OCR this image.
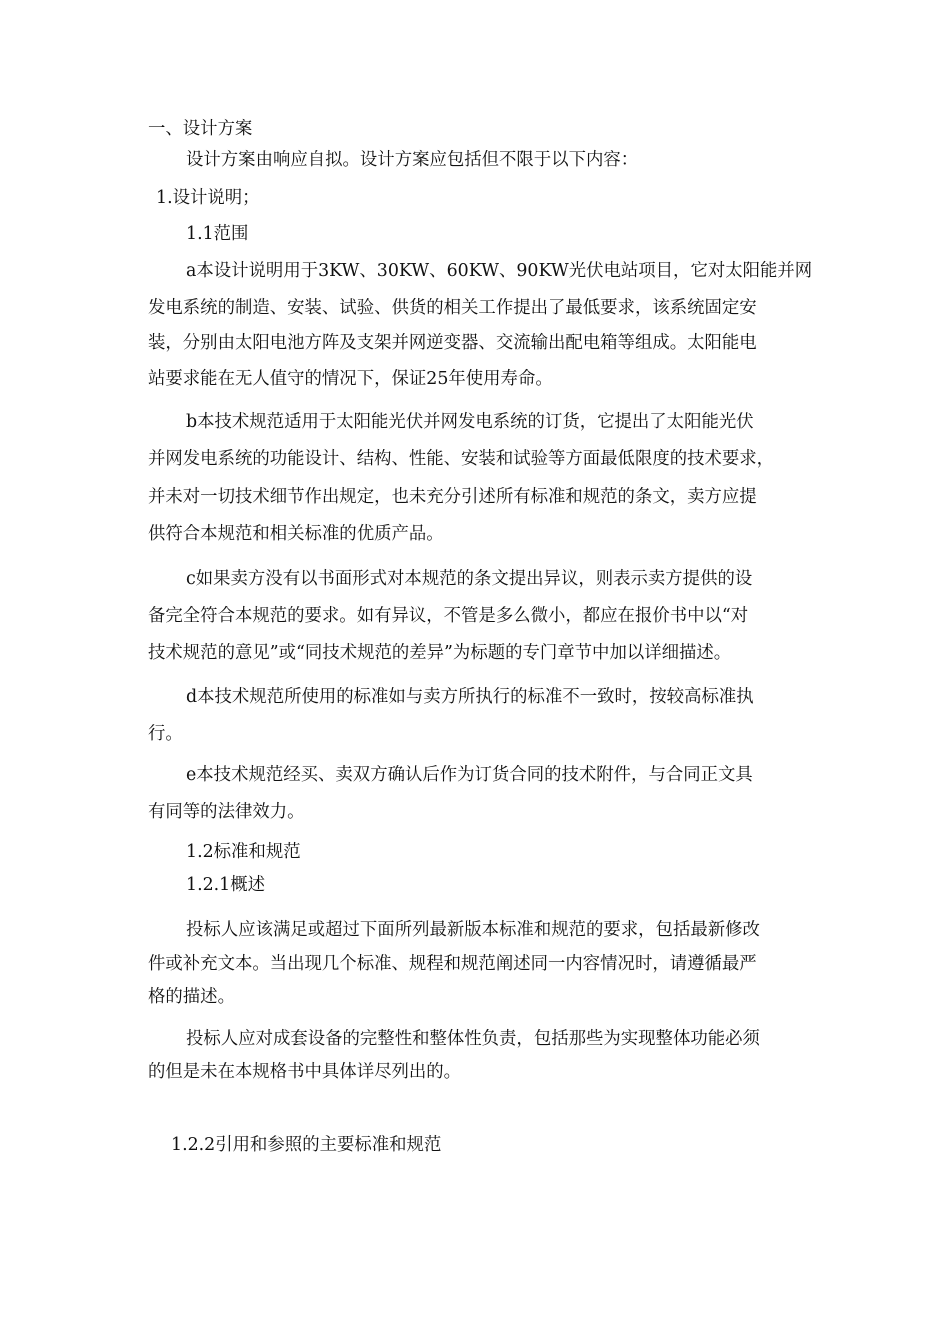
一、设计方案
设计方案由响应自拟。设计方案应包括但不限于以下内容：
1.设计说明；
1.1范围
a本设计说明用于3KW、30KW、60KW、90KW光伏电站项目，它对太阳能并网
发电系统的制造、安装、试验、供货的相关工作提出了最低要求，该系统固定安
装，分别由太阳电池方阵及支架并网逆变器、交流输出配电箱等组成。太阳能电
站要求能在无人值守的情况下，保证25年使用寿命。
b本技术规范适用于太阳能光伏并网发电系统的订货，它提出了太阳能光伏
并网发电系统的功能设计、结构、性能、安装和试验等方面最低限度的技术要求，
并未对一切技术细节作出规定，也未充分引述所有标准和规范的条文，卖方应提
供符合本规范和相关标准的优质产品。
c如果卖方没有以书面形式对本规范的条文提出异议，则表示卖方提供的设
备完全符合本规范的要求。如有异议，不管是多么微小，都应在报价书中以“对
技术规范的意见”或“同技术规范的差异”为标题的专门章节中加以详细描述。
d本技术规范所使用的标准如与卖方所执行的标准不一致时，按较高标准执
行。
e本技术规范经买、卖双方确认后作为订货合同的技术附件，与合同正文具
有同等的法律效力。
1.2标准和规范
1.2.1概述
投标人应该满足或超过下面所列最新版本标准和规范的要求，包括最新修改
件或补充文本。当出现几个标准、规程和规范阐述同一内容情况时，请遵循最严
格的描述。
投标人应对成套设备的完整性和整体性负责，包括那些为实现整体功能必须
的但是未在本规格书中具体详尽列出的。
1.2.2引用和参照的主要标准和规范
